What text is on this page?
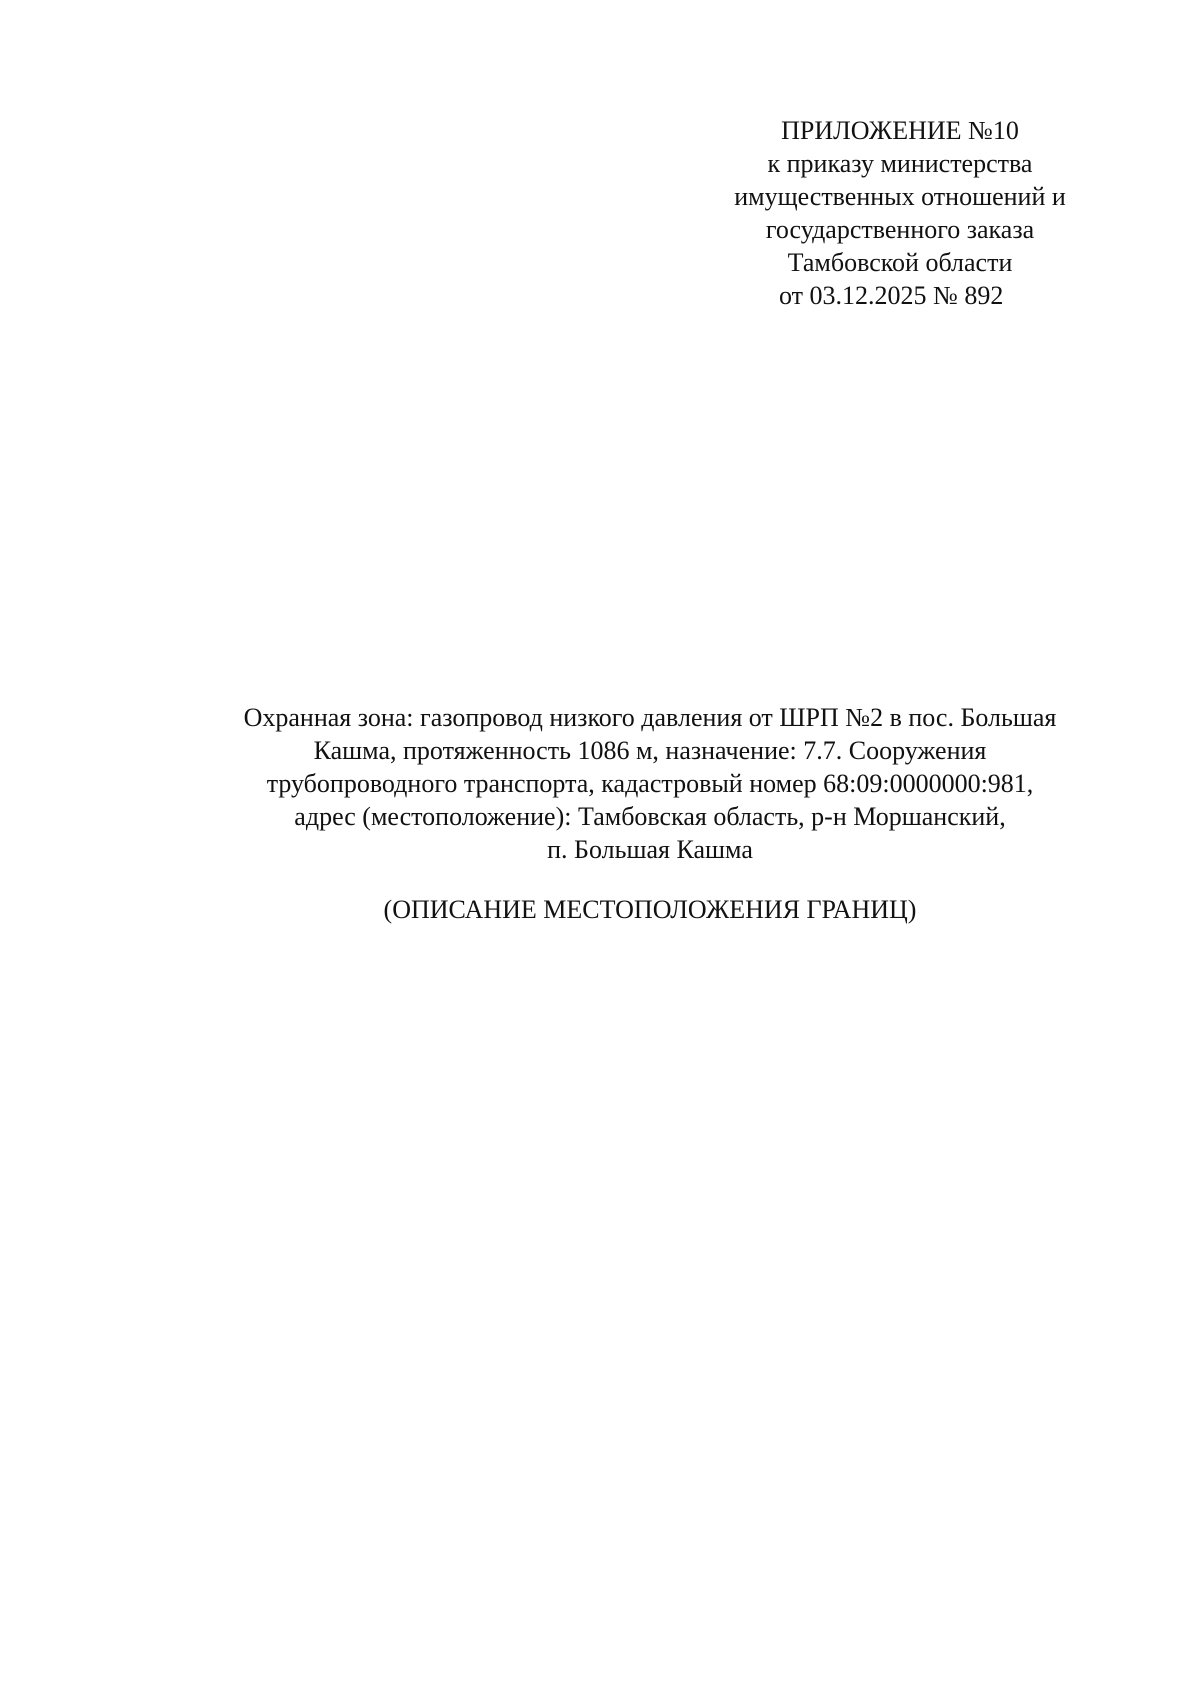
ПРИЛОЖЕНИЕ №10
к приказу министерства
имущественных отношений и
государственного заказа
Тамбовской области
от 03.12.2025 № 892
Охранная зона: газопровод низкого давления от ШРП №2 в пос. Большая
Кашма, протяженность 1086 м, назначение: 7.7. Сооружения
трубопроводного транспорта, кадастровый номер 68:09:0000000:981,
адрес (местоположение): Тамбовская область, р-н Моршанский,
п. Большая Кашма
(ОПИСАНИЕ МЕСТОПОЛОЖЕНИЯ ГРАНИЦ)
